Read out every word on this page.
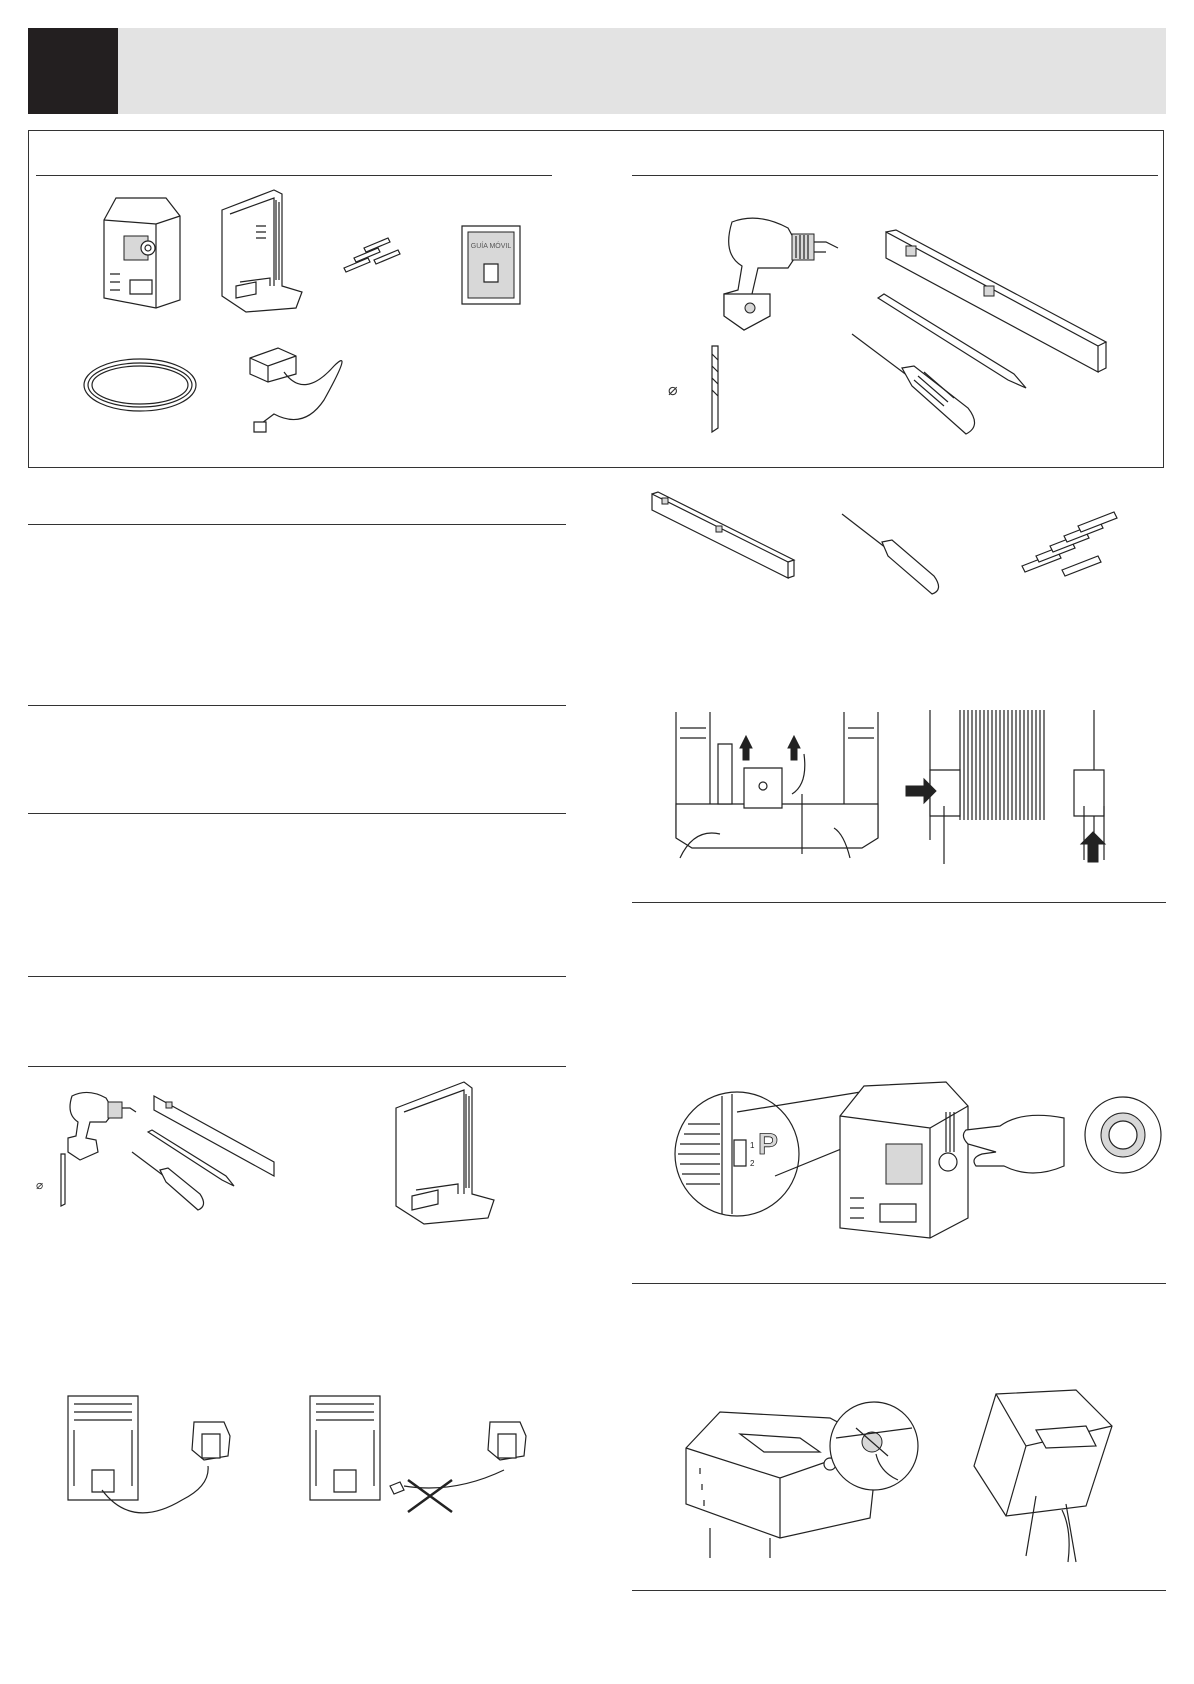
GUÍA MÓVIL
⌀
⌀
1
2
P
